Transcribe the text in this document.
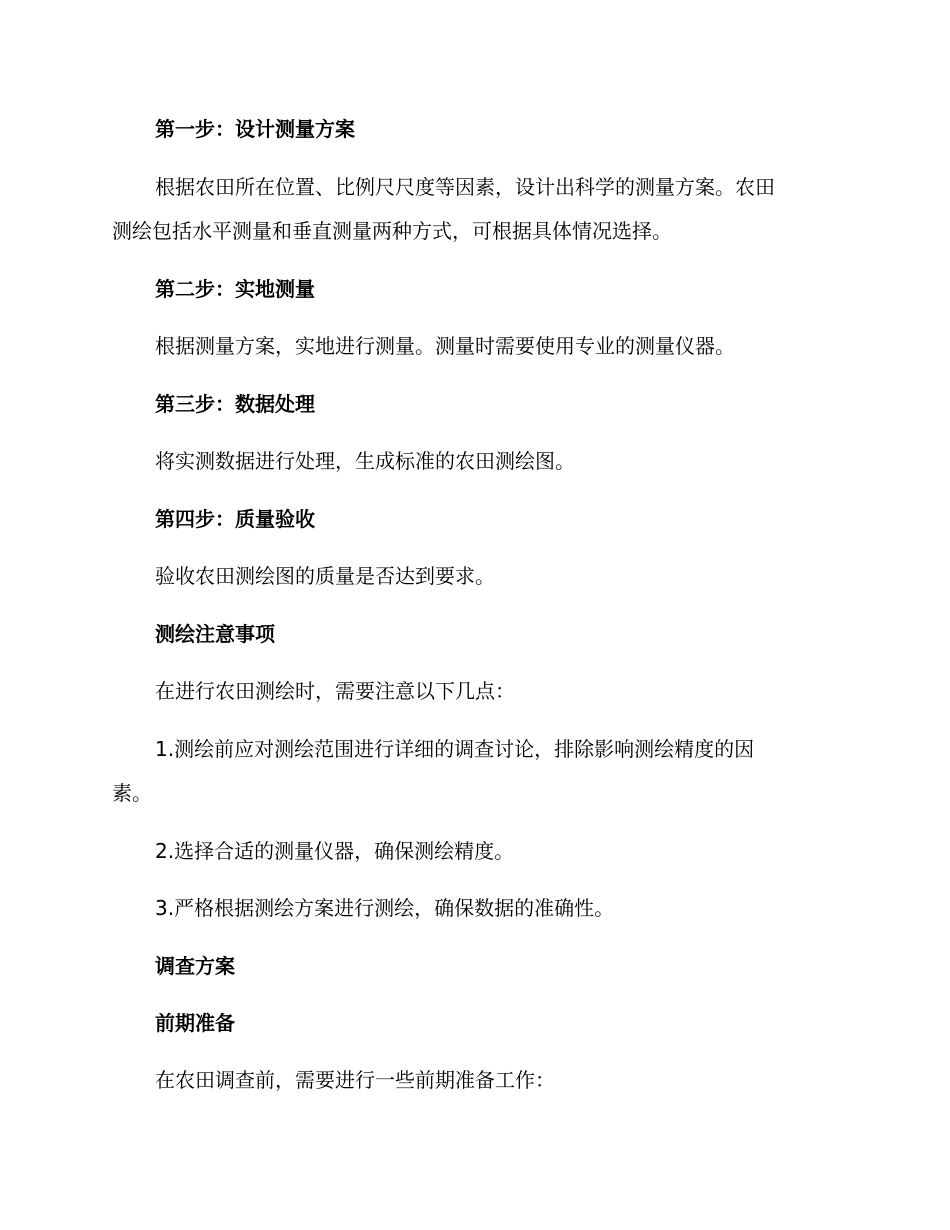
第一步：设计测量方案
根据农田所在位置、比例尺尺度等因素，设计出科学的测量方案。农田
测绘包括水平测量和垂直测量两种方式，可根据具体情况选择。
第二步：实地测量
根据测量方案，实地进行测量。测量时需要使用专业的测量仪器。
第三步：数据处理
将实测数据进行处理，生成标准的农田测绘图。
第四步：质量验收
验收农田测绘图的质量是否达到要求。
测绘注意事项
在进行农田测绘时，需要注意以下几点：
1.测绘前应对测绘范围进行详细的调查讨论，排除影响测绘精度的因
素。
2.选择合适的测量仪器，确保测绘精度。
3.严格根据测绘方案进行测绘，确保数据的准确性。
调查方案
前期准备
在农田调查前，需要进行一些前期准备工作：
